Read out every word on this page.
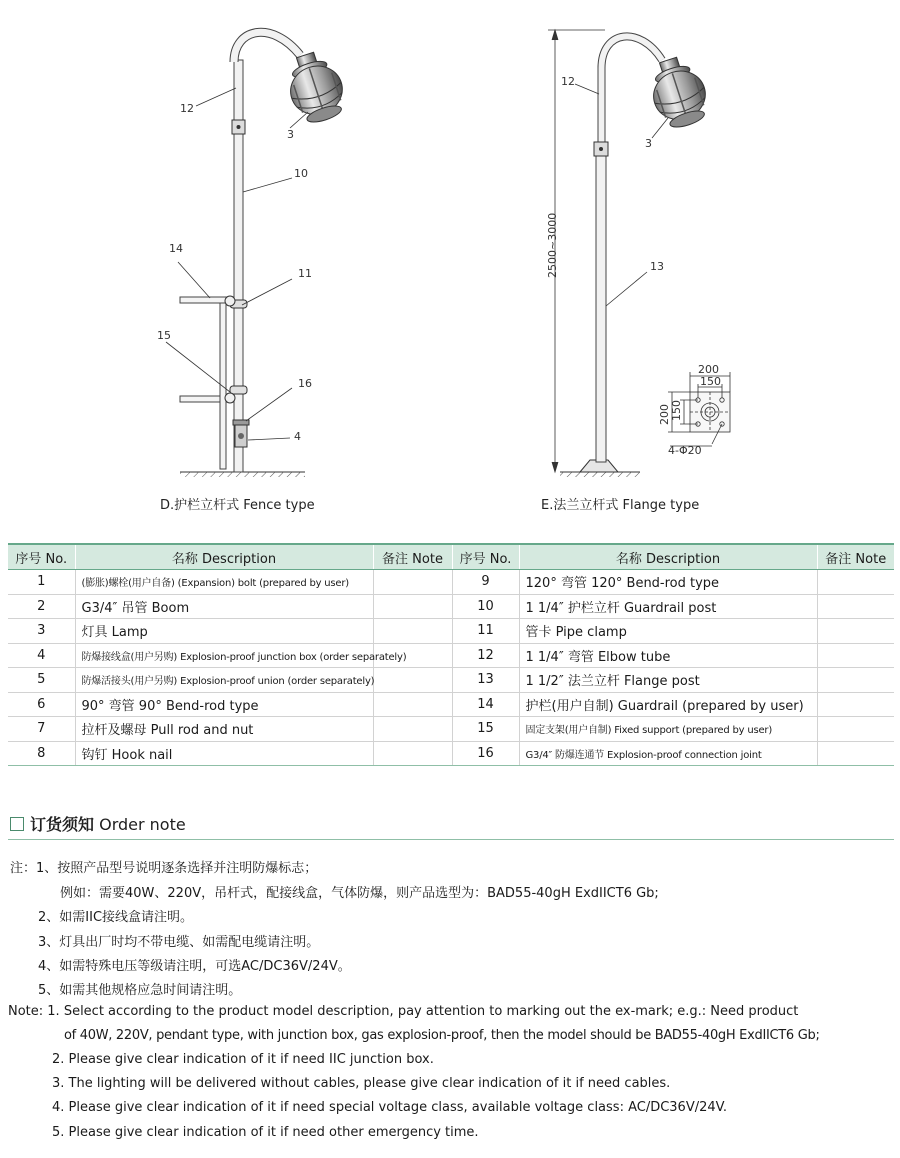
12
3
10
14
11
15
16
4
D.护栏立杆式 Fence type
2500~3000
12
3
13
200
150
200 150
4-Φ20
E.法兰立杆式 Flange type
序号 No.	名称 Description	备注 Note	序号 No.	名称 Description	备注 Note
1	(膨胀)螺栓(用户自备) (Expansion) bolt (prepared by user)		9	120° 弯管 120° Bend-rod type	
2	G3/4″ 吊管 Boom		10	1 1/4″ 护栏立杆 Guardrail post	
3	灯具 Lamp		11	管卡 Pipe clamp	
4	防爆接线盒(用户另购) Explosion-proof junction box (order separately)		12	1 1/4″ 弯管 Elbow tube	
5	防爆活接头(用户另购) Explosion-proof union (order separately)		13	1 1/2″ 法兰立杆 Flange post	
6	90° 弯管 90° Bend-rod type		14	护栏(用户自制) Guardrail (prepared by user)	
7	拉杆及螺母 Pull rod and nut		15	固定支架(用户自制) Fixed support (prepared by user)	
8	钩钉 Hook nail		16	G3/4″ 防爆连通节 Explosion-proof connection joint	
订货须知 Order note
注：1、按照产品型号说明逐条选择并注明防爆标志；
例如：需要40W、220V，吊杆式，配接线盒，气体防爆，则产品选型为：BAD55-40gH ExdIICT6 Gb;
2、如需IIC接线盒请注明。
3、灯具出厂时均不带电缆、如需配电缆请注明。
4、如需特殊电压等级请注明，可选AC/DC36V/24V。
5、如需其他规格应急时间请注明。
Note: 1. Select according to the product model description, pay attention to marking out the ex-mark; e.g.: Need product
of 40W, 220V, pendant type, with junction box, gas explosion-proof, then the model should be BAD55-40gH ExdIICT6 Gb;
2. Please give clear indication of it if need IIC junction box.
3. The lighting will be delivered without cables, please give clear indication of it if need cables.
4. Please give clear indication of it if need special voltage class, available voltage class: AC/DC36V/24V.
5. Please give clear indication of it if need other emergency time.
